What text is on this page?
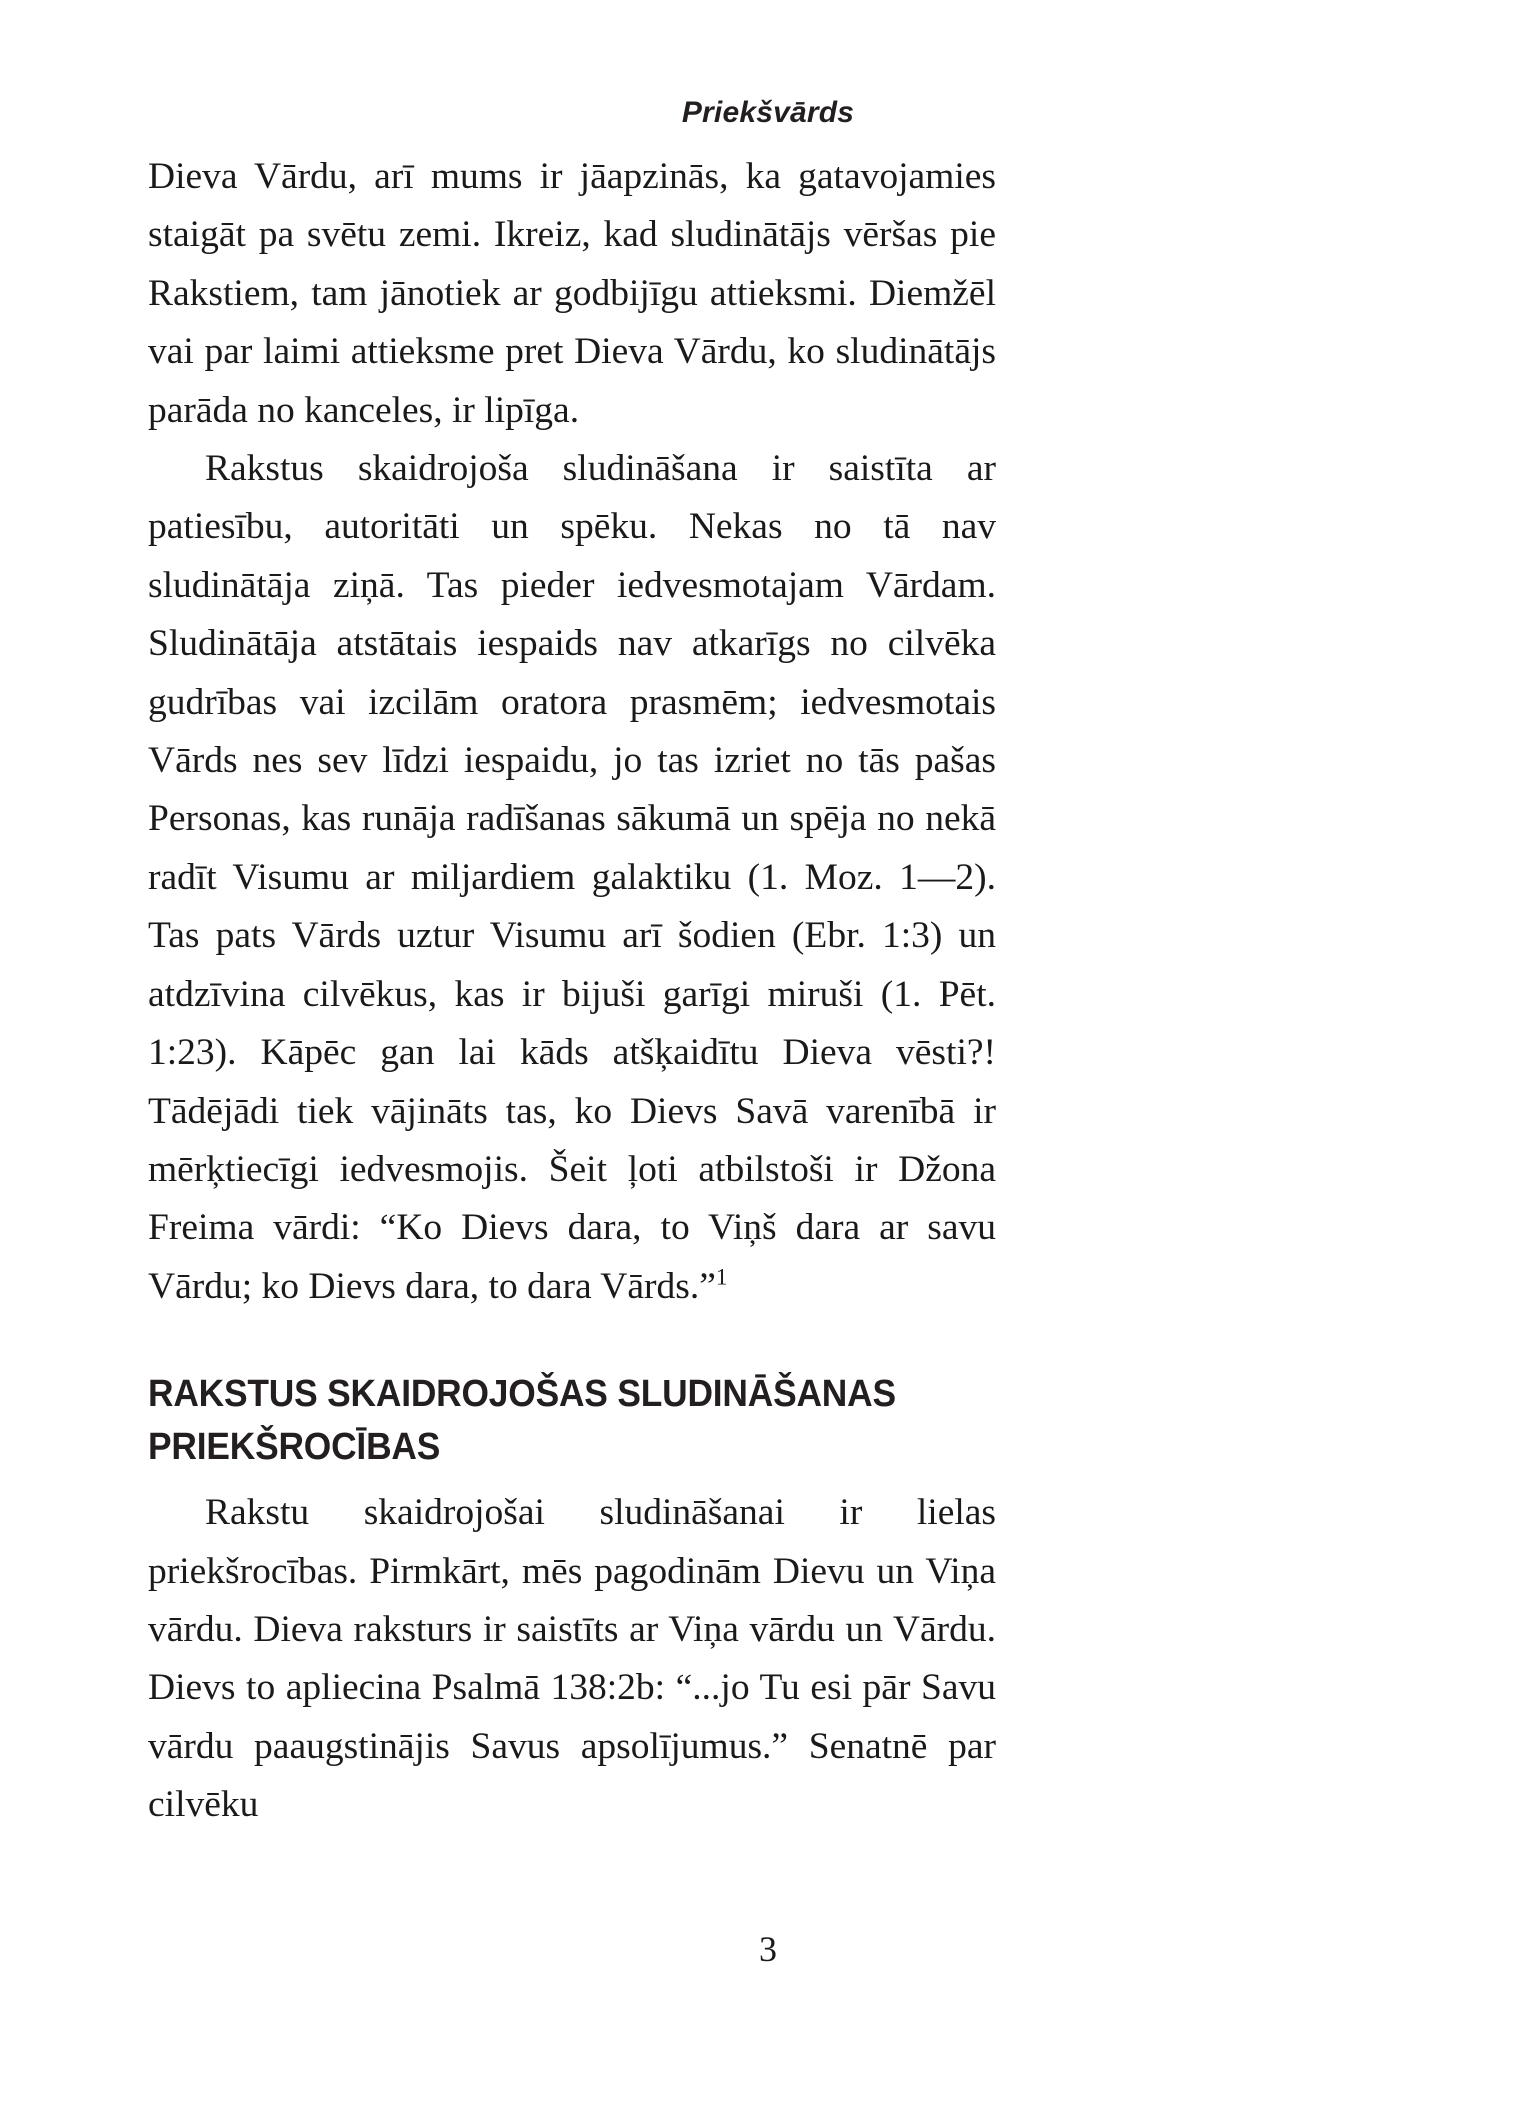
Priekšvārds

Dieva Vārdu, arī mums ir jāapzinās, ka gatavojamies staigāt pa svētu zemi. Ikreiz, kad sludinātājs vēršas pie Rakstiem, tam jānotiek ar godbijīgu attieksmi. Diemžēl vai par laimi attieksme pret Dieva Vārdu, ko sludinātājs parāda no kanceles, ir lipīga.

Rakstus skaidrojoša sludināšana ir saistīta ar patiesību, autoritāti un spēku. Nekas no tā nav sludinātāja ziņā. Tas pieder iedvesmotajam Vārdam. Sludinātāja atstātais iespaids nav atkarīgs no cilvēka gudrības vai izcilām oratora prasmēm; iedvesmotais Vārds nes sev līdzi iespaidu, jo tas izriet no tās pašas Personas, kas runāja radīšanas sākumā un spēja no nekā radīt Visumu ar miljardiem galaktiku (1. Moz. 1—2). Tas pats Vārds uztur Visumu arī šodien (Ebr. 1:3) un atdzīvina cilvēkus, kas ir bijuši garīgi miruši (1. Pēt. 1:23). Kāpēc gan lai kāds atšķaidītu Dieva vēsti?! Tādējādi tiek vājināts tas, ko Dievs Savā varenībā ir mērķtiecīgi iedvesmojis. Šeit ļoti atbilstoši ir Džona Freima vārdi: “Ko Dievs dara, to Viņš dara ar savu Vārdu; ko Dievs dara, to dara Vārds.”$^1$

RAKSTUS SKAIDROJOŠAS SLUDINĀŠANAS
PRIEKŠROCĪBAS

Rakstu skaidrojošai sludināšanai ir lielas priekšrocības. Pirmkārt, mēs pagodinām Dievu un Viņa vārdu. Dieva raksturs ir saistīts ar Viņa vārdu un Vārdu. Dievs to apliecina Psalmā 138:2b: “...jo Tu esi pār Savu vārdu paaugstinājis Savus apsolījumus.” Senatnē par cilvēku

3
